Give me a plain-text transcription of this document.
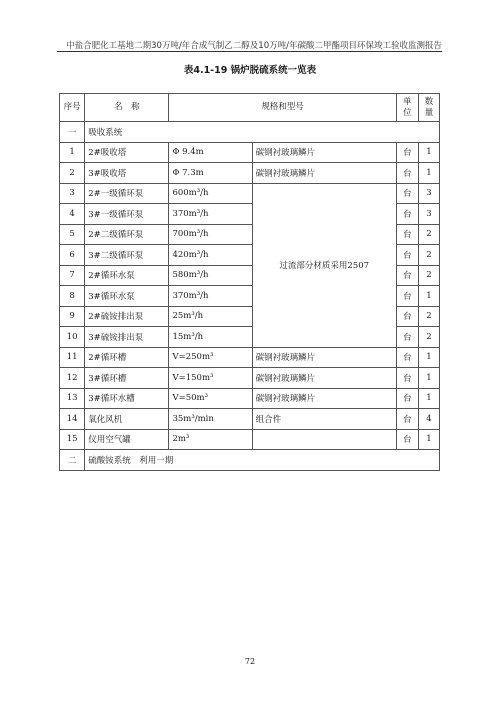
中盐合肥化工基地二期30万吨/年合成气制乙二醇及10万吨/年碳酸二甲酯项目环保竣工验收监测报告
表4.1-19 锅炉脱硫系统一览表
序号	名　称	规格和型号		单位	数量
一	吸收系统				
1	2#吸收塔	Φ 9.4m	碳钢衬玻璃鳞片	台	1
2	3#吸收塔	Φ 7.3m	碳钢衬玻璃鳞片	台	1
3	2#一级循环泵	600m³/h	过流部分材质采用2507	台	3
4	3#一级循环泵	370m³/h		台	3
5	2#二级循环泵	700m³/h		台	2
6	3#二级循环泵	420m³/h		台	2
7	2#循环水泵	580m³/h		台	2
8	3#循环水泵	370m³/h		台	1
9	2#硫铵排出泵	25m³/h		台	2
10	3#硫铵排出泵	15m³/h		台	2
11	2#循环槽	V=250m³	碳钢衬玻璃鳞片	台	1
12	3#循环槽	V=150m³	碳钢衬玻璃鳞片	台	1
13	3#循环水槽	V=50m³	碳钢衬玻璃鳞片	台	1
14	氧化风机	35m³/min	组合件	台	4
15	仪用空气罐	2m³		台	1
二	硫酸铵系统　利用一期				
72
